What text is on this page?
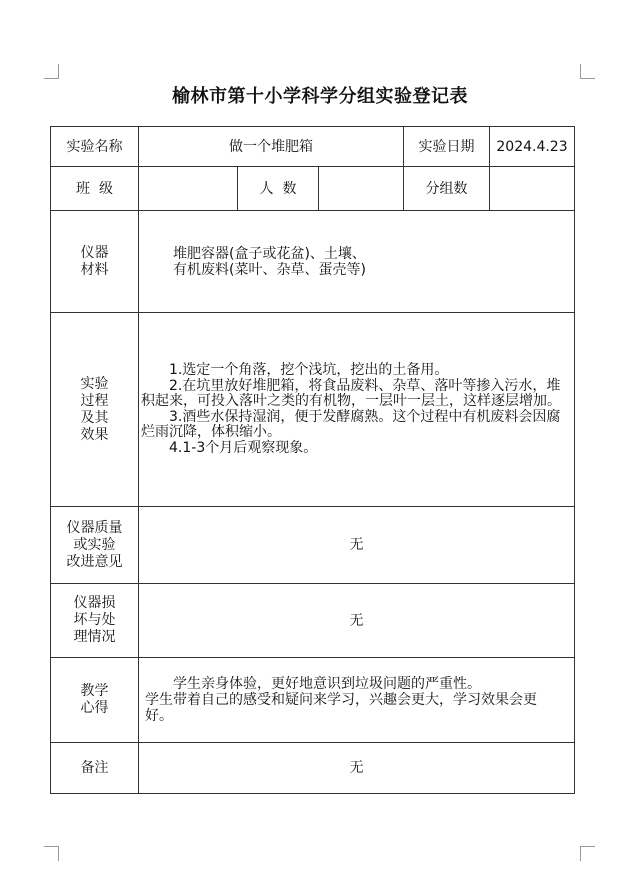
榆林市第十小学科学分组实验登记表
实验名称	做一个堆肥箱			实验日期	2024.4.23
班  级		人  数		分组数	

仪器
材料	堆肥容器(盒子或花盆)、土壤、
有机废料(菜叶、杂草、蛋壳等)				

实验
过程
及其
效果	1.选定一个角落，挖个浅坑，挖出的土备用。
2.在坑里放好堆肥箱，将食品废料、杂草、落叶等掺入污水，堆积起来，可投入落叶之类的有机物，一层叶一层土，这样逐层增加。
3.酒些水保持湿润，便于发酵腐熟。这个过程中有机废料会因腐烂雨沉降，体积缩小。
4.1-3个月后观察现象。				

仪器质量
或实验
改进意见	无				

仪器损
坏与处
理情况	无				

教学
心得	学生亲身体验，更好地意识到垃圾问题的严重性。
学生带着自己的感受和疑问来学习，兴趣会更大，学习效果会更好。				

备注	无				
